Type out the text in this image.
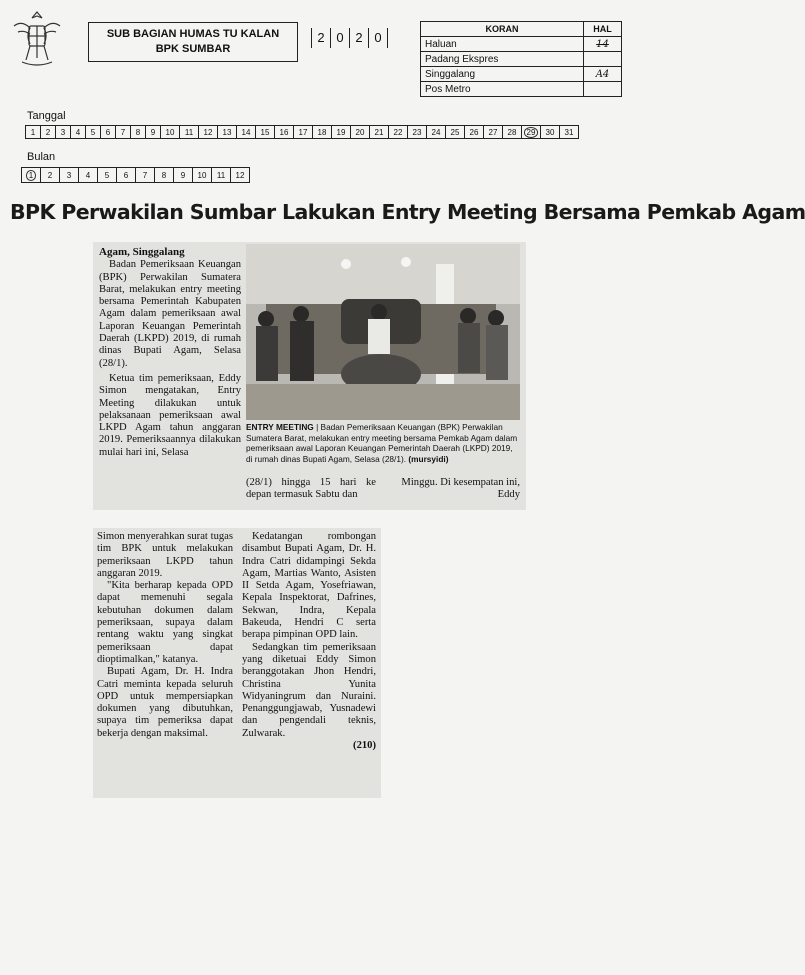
SUB BAGIAN HUMAS TU KALAN
BPK SUMBAR
2 0 2 0
KORAN	HAL
Haluan	14
Padang Ekspres	
Singgalang	A4
Pos Metro	
Tanggal
1	2	3	4	5	6	7	8	9	10	11	12	13	14	15	16	17	18	19	20	21	22	23	24	25	26	27	28	29	30	31
Bulan
1	2	3	4	5	6	7	8	9	10	11	12
BPK Perwakilan Sumbar Lakukan Entry Meeting Bersama Pemkab Agam
Agam, Singgalang

Badan Pemeriksaan Keuangan (BPK) Perwakilan Sumatera Barat, melakukan entry meeting bersama Pemerintah Kabupaten Agam dalam pemeriksaan awal Laporan Keuangan Pemerintah Daerah (LKPD) 2019, di rumah dinas Bupati Agam, Selasa (28/1).

Ketua tim pemeriksaan, Eddy Simon mengatakan, Entry Meeting dilakukan untuk pelaksanaan pemeriksaan awal LKPD Agam tahun anggaran 2019. Pemeriksaannya dilakukan mulai hari ini, Selasa

ENTRY MEETING | Badan Pemeriksaan Keuangan (BPK) Perwakilan Sumatera Barat, melakukan entry meeting bersama Pemkab Agam dalam pemeriksaan awal Laporan Keuangan Pemerintah Daerah (LKPD) 2019, di rumah dinas Bupati Agam, Selasa (28/1). (mursyidi)
(28/1) hingga 15 hari ke depan termasuk Sabtu dan
Minggu. Di kesempatan ini, Eddy

Simon menyerahkan surat tugas tim BPK untuk melakukan pemeriksaan LKPD tahun anggaran 2019.

"Kita berharap kepada OPD dapat memenuhi segala kebutuhan dokumen dalam pemeriksaan, supaya dalam rentang waktu yang singkat pemeriksaan dapat dioptimalkan," katanya.

Bupati Agam, Dr. H. Indra Catri meminta kepada seluruh OPD untuk mempersiapkan dokumen yang dibutuhkan, supaya tim pemeriksa dapat bekerja dengan maksimal.

Kedatangan rombongan disambut Bupati Agam, Dr. H. Indra Catri didampingi Sekda Agam, Martias Wanto, Asisten II Setda Agam, Yosefriawan, Kepala Inspektorat, Dafrines, Sekwan, Indra, Kepala Bakeuda, Hendri C serta berapa pimpinan OPD lain.

Sedangkan tim pemeriksaan yang diketuai Eddy Simon beranggotakan Jhon Hendri, Christina Yunita Widyaningrum dan Nuraini. Penanggungjawab, Yusnadewi dan pengendali teknis, Zulwarak.

(210)
